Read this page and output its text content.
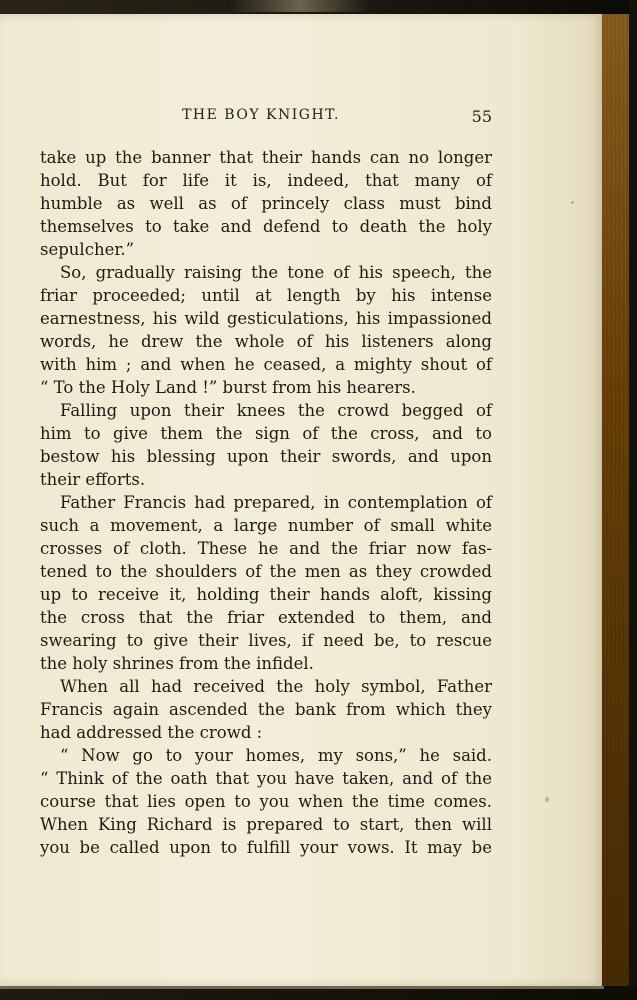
THE BOY KNIGHT.	55
take up the banner that their hands can no longer
hold. But for life it is, indeed, that many of
humble as well as of princely class must bind
themselves to take and defend to death the holy
sepulcher.”
So, gradually raising the tone of his speech, the
friar proceeded; until at length by his intense
earnestness, his wild gesticulations, his impassioned
words, he drew the whole of his listeners along
with him ; and when he ceased, a mighty shout of
“ To the Holy Land !” burst from his hearers.
Falling upon their knees the crowd begged of
him to give them the sign of the cross, and to
bestow his blessing upon their swords, and upon
their efforts.
Father Francis had prepared, in contemplation of
such a movement, a large number of small white
crosses of cloth. These he and the friar now fas-
tened to the shoulders of the men as they crowded
up to receive it, holding their hands aloft, kissing
the cross that the friar extended to them, and
swearing to give their lives, if need be, to rescue
the holy shrines from the infidel.
When all had received the holy symbol, Father
Francis again ascended the bank from which they
had addressed the crowd :
“ Now go to your homes, my sons,” he said.
“ Think of the oath that you have taken, and of the
course that lies open to you when the time comes.
When King Richard is prepared to start, then will
you be called upon to fulfill your vows. It may be
